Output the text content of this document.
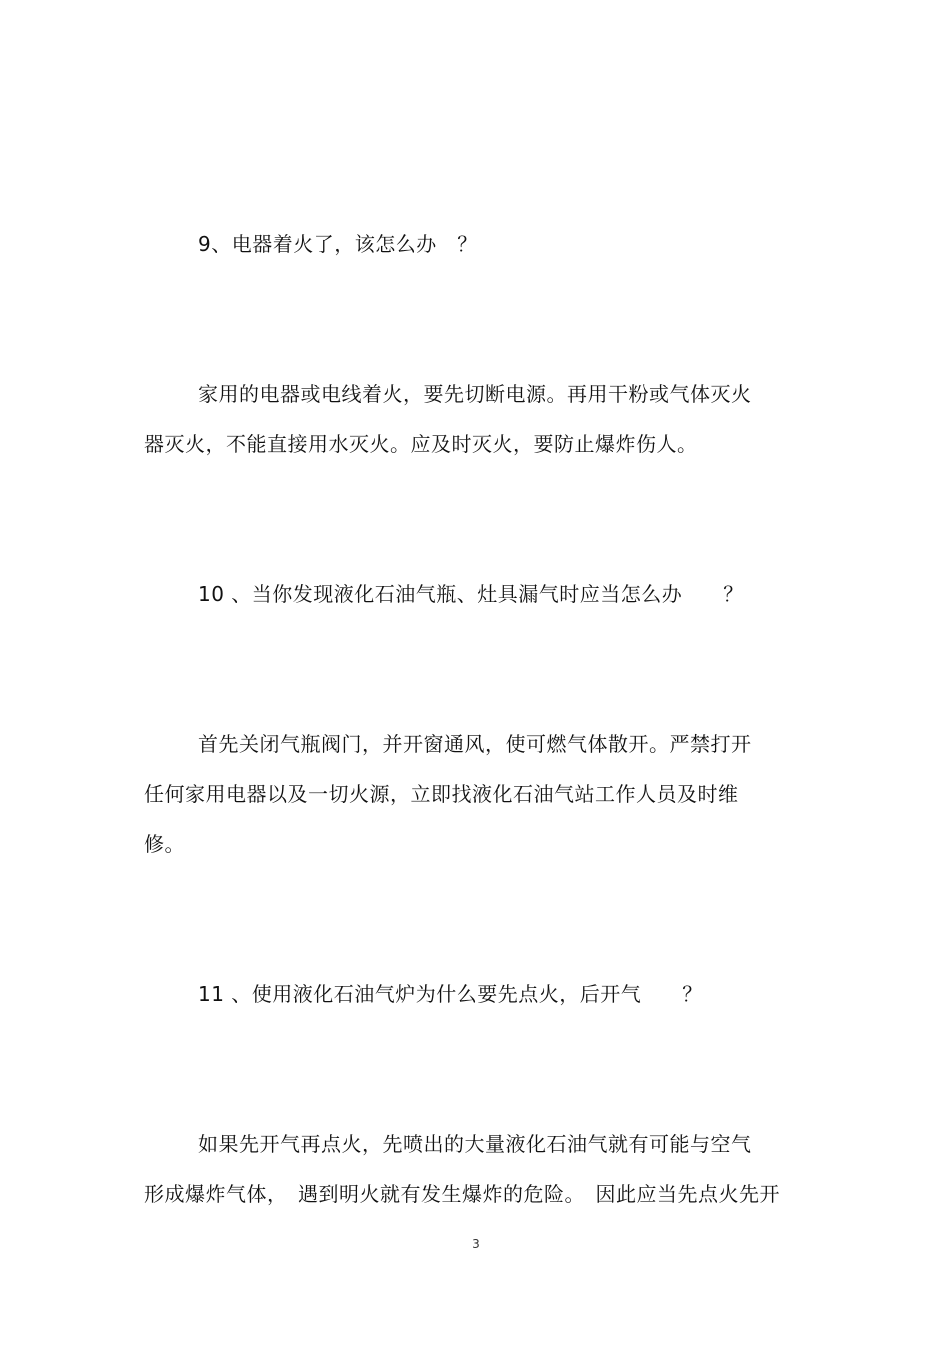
9、电器着火了，该怎么办　？
家用的电器或电线着火，要先切断电源。再用干粉或气体灭火
器灭火，不能直接用水灭火。应及时灭火，要防止爆炸伤人。
10 、当你发现液化石油气瓶、灶具漏气时应当怎么办　　？
首先关闭气瓶阀门，并开窗通风，使可燃气体散开。严禁打开
任何家用电器以及一切火源，立即找液化石油气站工作人员及时维
修。
11 、使用液化石油气炉为什么要先点火，后开气　　？
如果先开气再点火，先喷出的大量液化石油气就有可能与空气
形成爆炸气体，　遇到明火就有发生爆炸的危险。　因此应当先点火先开
3
